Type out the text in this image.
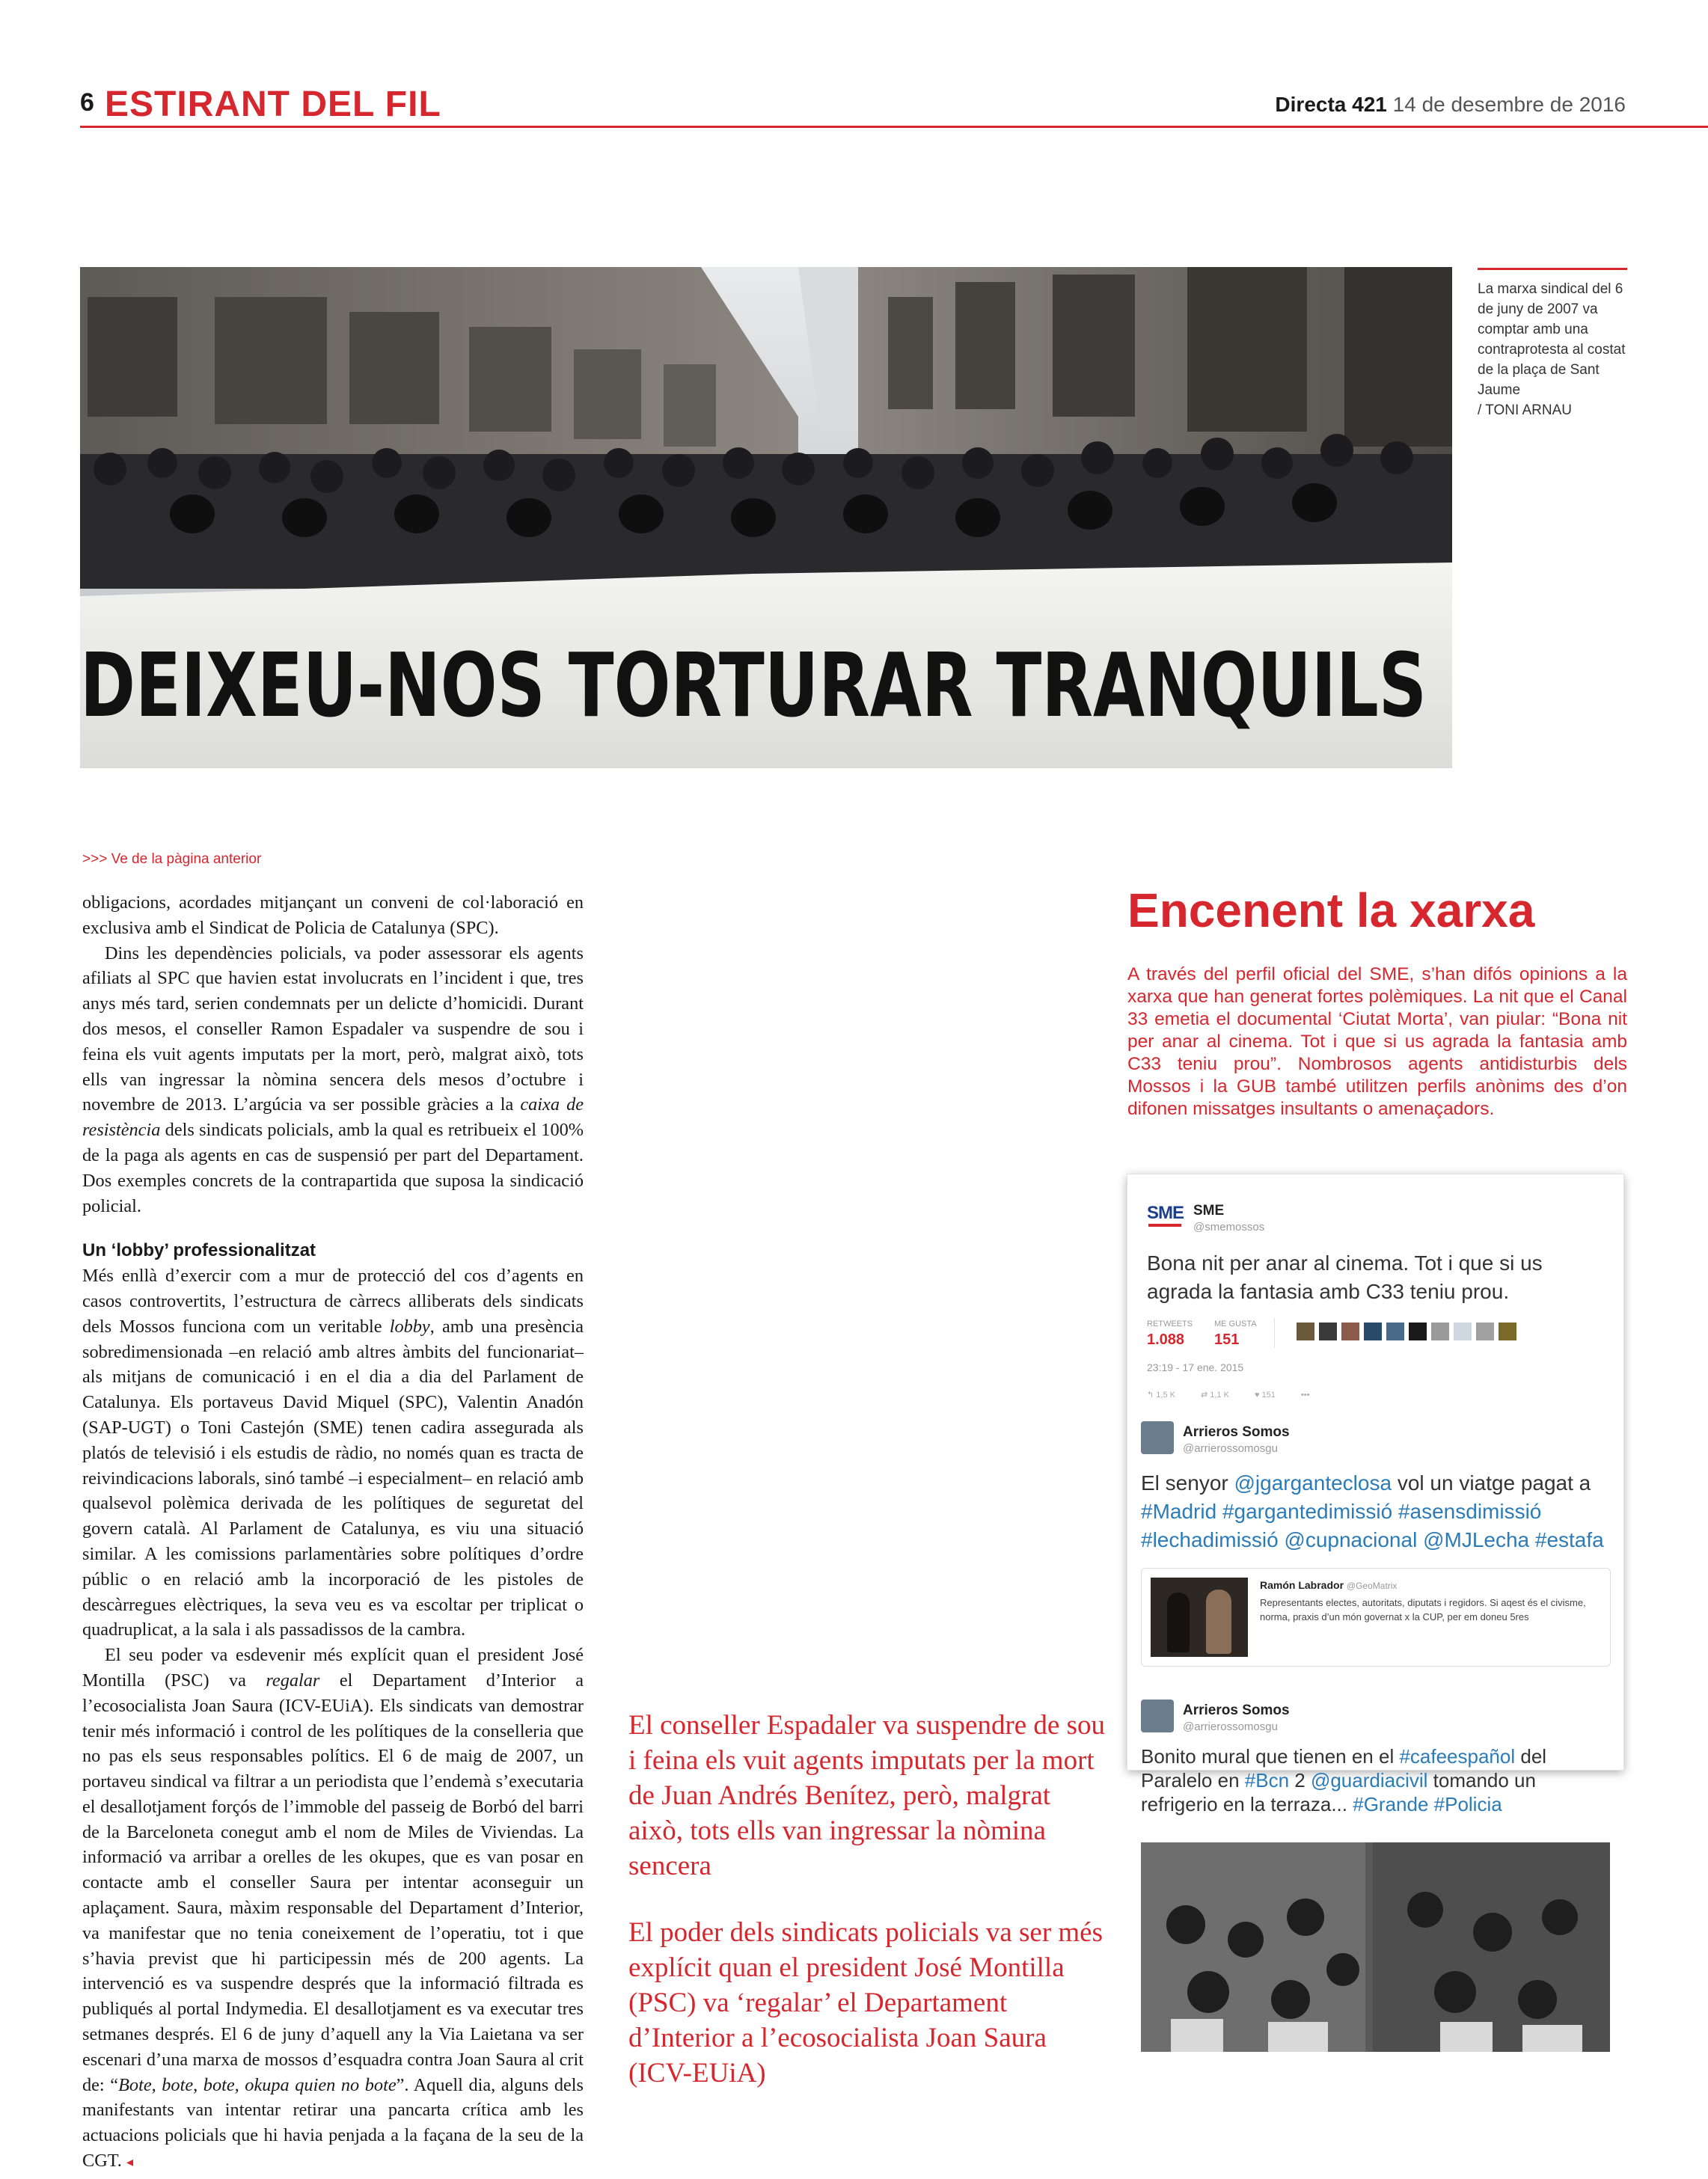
6 ESTIRANT DEL FIL	Directa 421 14 de desembre de 2016
DEIXEU-NOS TORTURAR TRANQUILS
La marxa sindical del 6 de juny de 2007 va comptar amb una contraprotesta al costat de la plaça de Sant Jaume
/ TONI ARNAU
>>> Ve de la pàgina anterior

obligacions, acordades mitjançant un conveni de col·laboració en exclusiva amb el Sindicat de Policia de Catalunya (SPC).

Dins les dependències policials, va poder assessorar els agents afiliats al SPC que havien estat involucrats en l’incident i que, tres anys més tard, serien condemnats per un delicte d’homicidi. Durant dos mesos, el conseller Ramon Espadaler va suspendre de sou i feina els vuit agents imputats per la mort, però, malgrat això, tots ells van ingressar la nòmina sencera dels mesos d’octubre i novembre de 2013. L’argúcia va ser possible gràcies a la caixa de resistència dels sindicats policials, amb la qual es retribueix el 100% de la paga als agents en cas de suspensió per part del Departament. Dos exemples concrets de la contrapartida que suposa la sindicació policial.

Un ‘lobby’ professionalitzat

Més enllà d’exercir com a mur de protecció del cos d’agents en casos controvertits, l’estructura de càrrecs alliberats dels sindicats dels Mossos funciona com un veritable lobby, amb una presència sobredimensionada –en relació amb altres àmbits del funcionariat– als mitjans de comunicació i en el dia a dia del Parlament de Catalunya. Els portaveus David Miquel (SPC), Valentin Anadón (SAP-UGT) o Toni Castejón (SME) tenen cadira assegurada als platós de televisió i els estudis de ràdio, no només quan es tracta de reivindicacions laborals, sinó també –i especialment– en relació amb qualsevol polèmica derivada de les polítiques de seguretat del govern català. Al Parlament de Catalunya, es viu una situació similar. A les comissions parlamentàries sobre polítiques d’ordre públic o en relació amb la incorporació de les pistoles de descàrregues elèctriques, la seva veu es va escoltar per triplicat o quadruplicat, a la sala i als passadissos de la cambra.

El seu poder va esdevenir més explícit quan el president José Montilla (PSC) va regalar el Departament d’Interior a l’ecosocialista Joan Saura (ICV-EUiA). Els sindicats van demostrar tenir més informació i control de les polítiques de la conselleria que no pas els seus responsables polítics. El 6 de maig de 2007, un portaveu sindical va filtrar a un periodista que l’endemà s’executaria el desallotjament forçós de l’immoble del passeig de Borbó del barri de la Barceloneta conegut amb el nom de Miles de Viviendas. La informació va arribar a orelles de les okupes, que es van posar en contacte amb el conseller Saura per intentar aconseguir un aplaçament. Saura, màxim responsable del Departament d’Interior, va manifestar que no tenia coneixement de l’operatiu, tot i que s’havia previst que hi participessin més de 200 agents. La intervenció es va suspendre després que la informació filtrada es publiqués al portal Indymedia. El desallotjament es va executar tres setmanes després. El 6 de juny d’aquell any la Via Laietana va ser escenari d’una marxa de mossos d’esquadra contra Joan Saura al crit de: “Bote, bote, bote, okupa quien no bote”. Aquell dia, alguns dels manifestants van intentar retirar una pancarta crítica amb les actuacions policials que hi havia penjada a la façana de la seu de la CGT. ◂

El conseller Espadaler va suspendre de sou i feina els vuit agents imputats per la mort de Juan Andrés Benítez, però, malgrat això, tots ells van ingressar la nòmina sencera
El poder dels sindicats policials va ser més explícit quan el president José Montilla (PSC) va ‘regalar’ el Departament d’Interior a l’ecosocialista Joan Saura (ICV-EUiA)
Encenent la xarxa
A través del perfil oficial del SME, s’han difós opinions a la xarxa que han generat fortes polèmiques. La nit que el Canal 33 emetia el documental ‘Ciutat Morta’, van piular: “Bona nit per anar al cinema. Tot i que si us agrada la fantasia amb C33 teniu prou”. Nombrosos agents antidisturbis dels Mossos i la GUB també utilitzen perfils anònims des d’on difonen missatges insultants o amenaçadors.
SME SME
@smemossos
Bona nit per anar al cinema. Tot i que si us agrada la fantasia amb C33 teniu prou.
RETWEETS
1.088
ME GUSTA
151
23:19 - 17 ene. 2015
↰ 1,5 K	⇄ 1,1 K	♥ 151	•••
Arrieros Somos
@arrierossomosgu
El senyor @jgarganteclosa vol un viatge pagat a #Madrid #gargantedimissió #asensdimissió #lechadimissió @cupnacional @MJLecha #estafa
Ramón Labrador @GeoMatrix
Representants electes, autoritats, diputats i regidors. Si aqest és el civisme, norma, praxis d’un món governat x la CUP, per em doneu 5res
Arrieros Somos
@arrierossomosgu
Bonito mural que tienen en el #cafeespañol del Paralelo en #Bcn 2 @guardiacivil tomando un refrigerio en la terraza... #Grande #Policia
